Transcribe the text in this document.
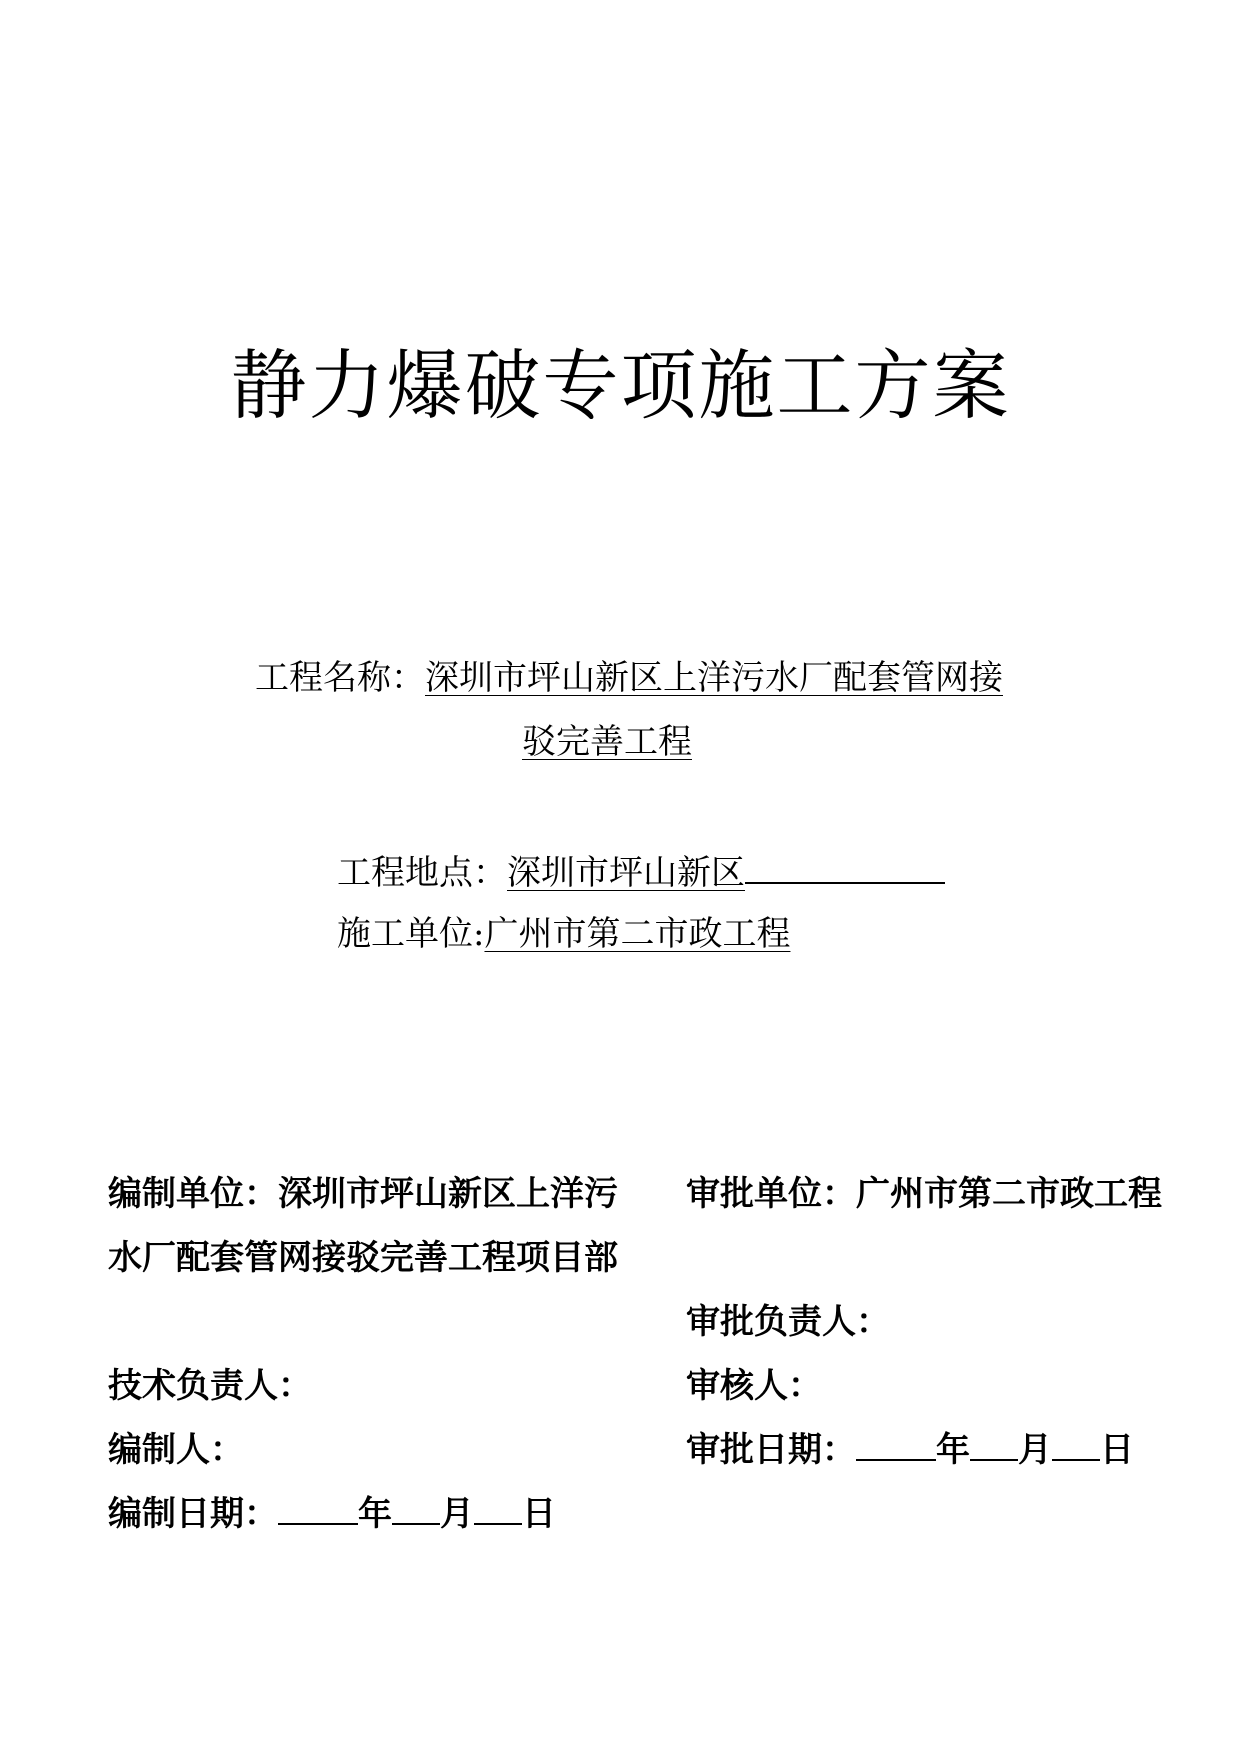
静力爆破专项施工方案
工程名称：深圳市坪山新区上洋污水厂配套管网接
驳完善工程
工程地点：深圳市坪山新区
施工单位:广州市第二市政工程
编制单位：深圳市坪山新区上洋污
水厂配套管网接驳完善工程项目部
技术负责人：
编制人：
编制日期： 年 月 日
审批单位：广州市第二市政工程
审批负责人：
审核人：
审批日期： 年 月 日
